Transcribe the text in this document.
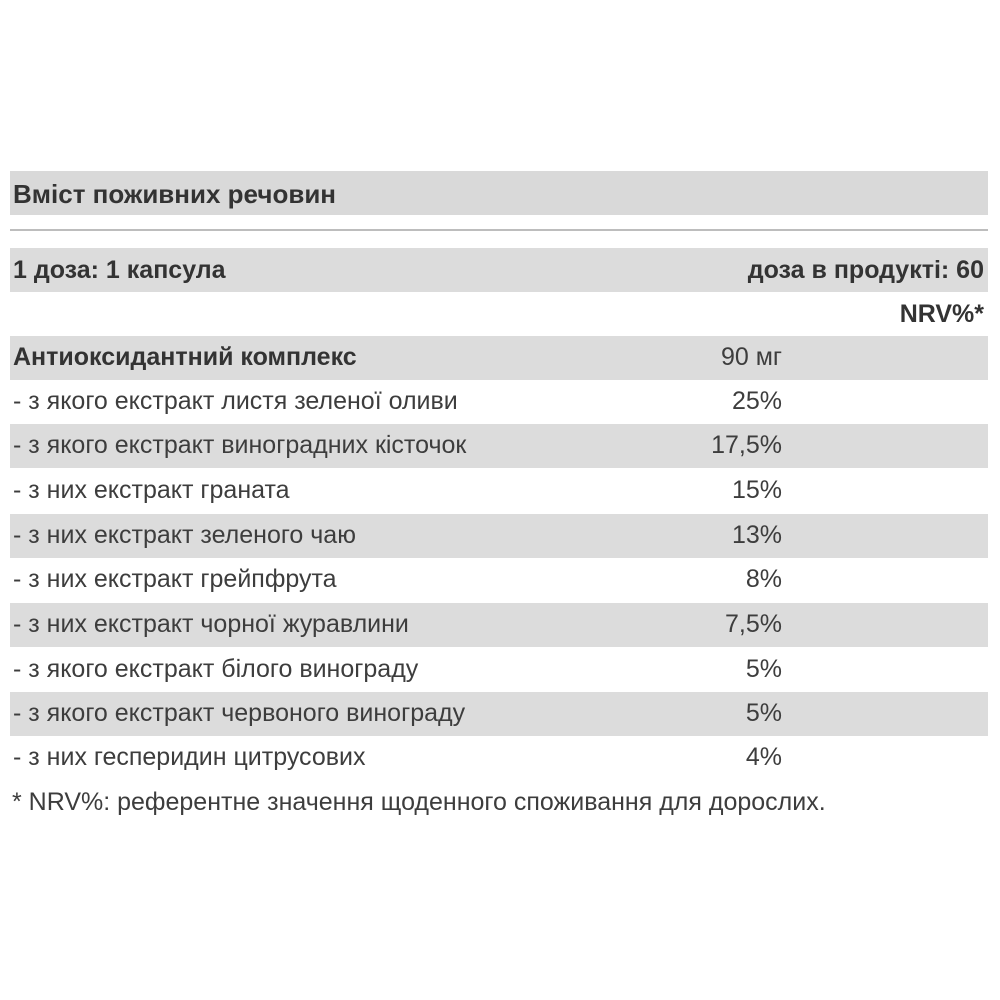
Вміст поживних речовин
1 доза: 1 капсула	доза в продукті: 60
NRV%*
Антиоксидантний комплекс	90 мг
- з якого екстракт листя зеленої оливи	25%
- з якого екстракт виноградних кісточок	17,5%
- з них екстракт граната	15%
- з них екстракт зеленого чаю	13%
- з них екстракт грейпфрута	8%
- з них екстракт чорної журавлини	7,5%
- з якого екстракт білого винограду	5%
- з якого екстракт червоного винограду	5%
- з них гесперидин цитрусових	4%
* NRV%: референтне значення щоденного споживання для дорослих.
